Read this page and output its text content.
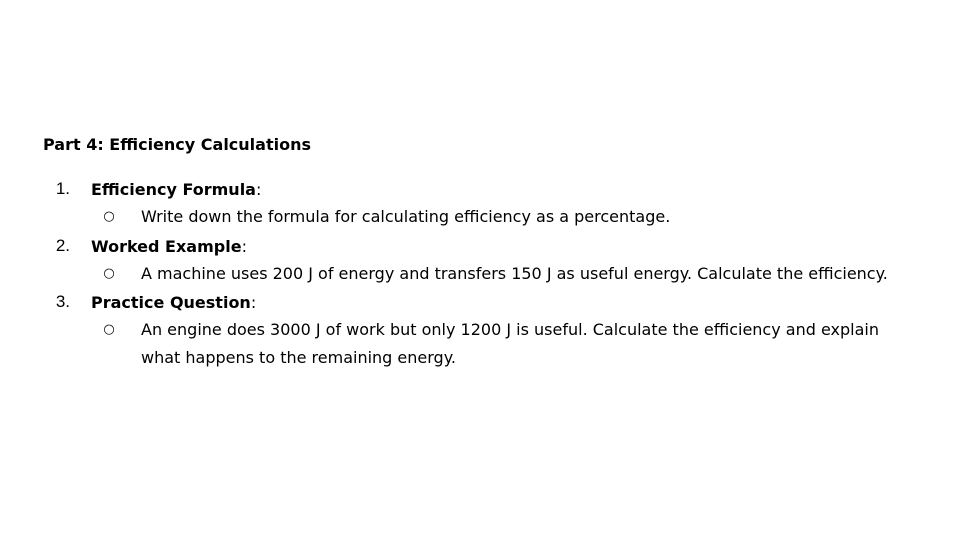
Part 4: Efficiency Calculations
1. Efficiency Formula:
○ Write down the formula for calculating efficiency as a percentage.
2. Worked Example:
○ A machine uses 200 J of energy and transfers 150 J as useful energy. Calculate the efficiency.
3. Practice Question:
○ An engine does 3000 J of work but only 1200 J is useful. Calculate the efficiency and explain
what happens to the remaining energy.
